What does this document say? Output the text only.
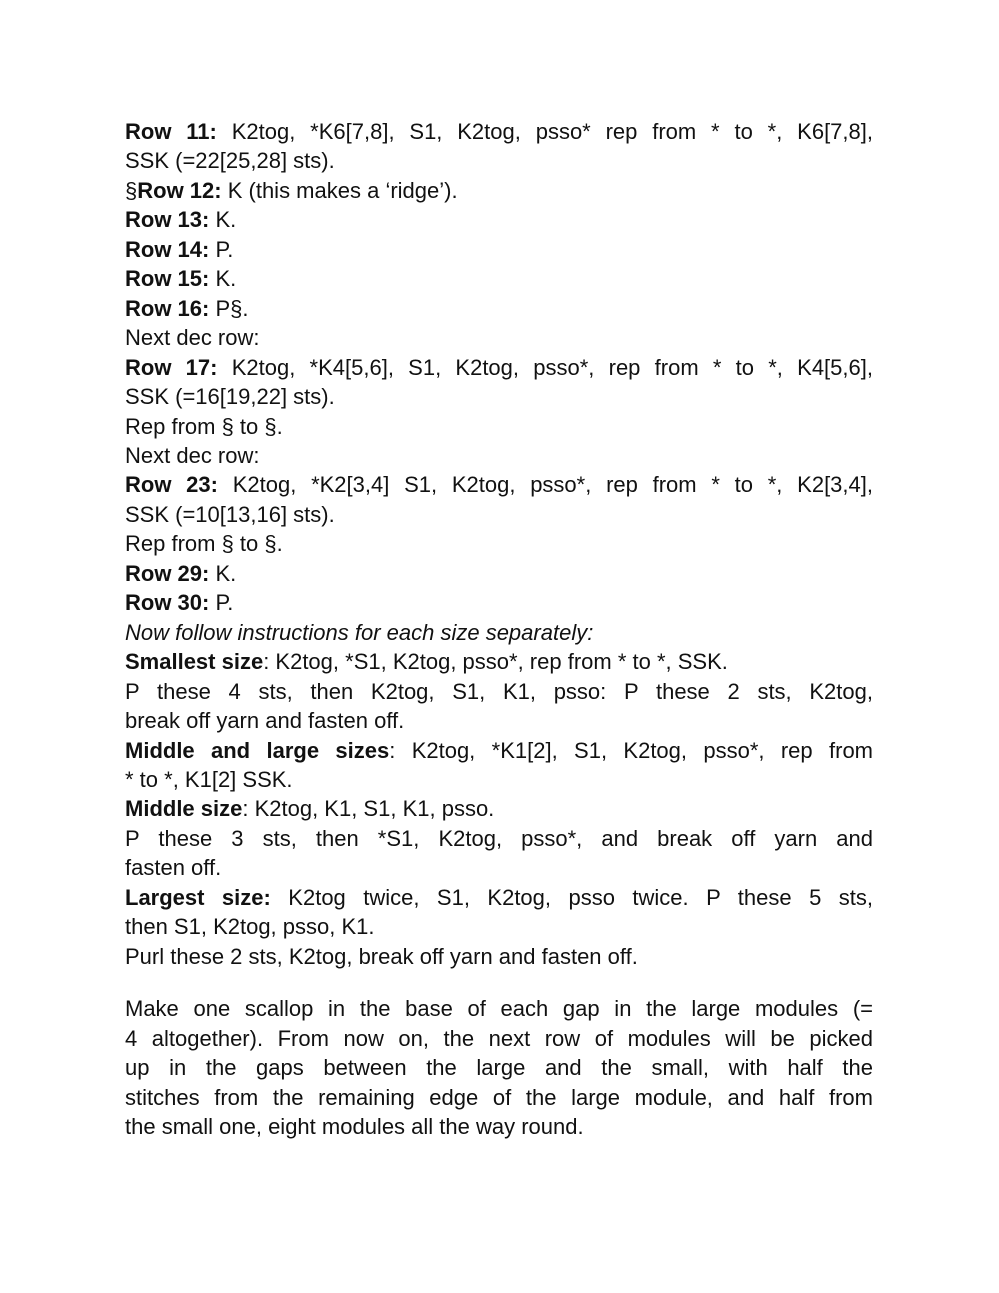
Row 11: K2tog, *K6[7,8], S1, K2tog, psso* rep from * to *, K6[7,8],
SSK (=22[25,28] sts).
§Row 12: K (this makes a ‘ridge’).
Row 13: K.
Row 14: P.
Row 15: K.
Row 16: P§.
Next dec row:
Row 17: K2tog, *K4[5,6], S1, K2tog, psso*, rep from * to *, K4[5,6],
SSK (=16[19,22] sts).
Rep from § to §.
Next dec row:
Row 23: K2tog, *K2[3,4] S1, K2tog, psso*, rep from * to *, K2[3,4],
SSK (=10[13,16] sts).
Rep from § to §.
Row 29: K.
Row 30: P.
Now follow instructions for each size separately:
Smallest size: K2tog, *S1, K2tog, psso*, rep from * to *, SSK.
P these 4 sts, then K2tog, S1, K1, psso: P these 2 sts, K2tog,
break off yarn and fasten off.
Middle and large sizes: K2tog, *K1[2], S1, K2tog, psso*, rep from
* to *, K1[2] SSK.
Middle size: K2tog, K1, S1, K1, psso.
P these 3 sts, then *S1, K2tog, psso*, and break off yarn and
fasten off.
Largest size: K2tog twice, S1, K2tog, psso twice. P these 5 sts,
then S1, K2tog, psso, K1.
Purl these 2 sts, K2tog, break off yarn and fasten off.
Make one scallop in the base of each gap in the large modules (=
4 altogether). From now on, the next row of modules will be picked
up in the gaps between the large and the small, with half the
stitches from the remaining edge of the large module, and half from
the small one, eight modules all the way round.
